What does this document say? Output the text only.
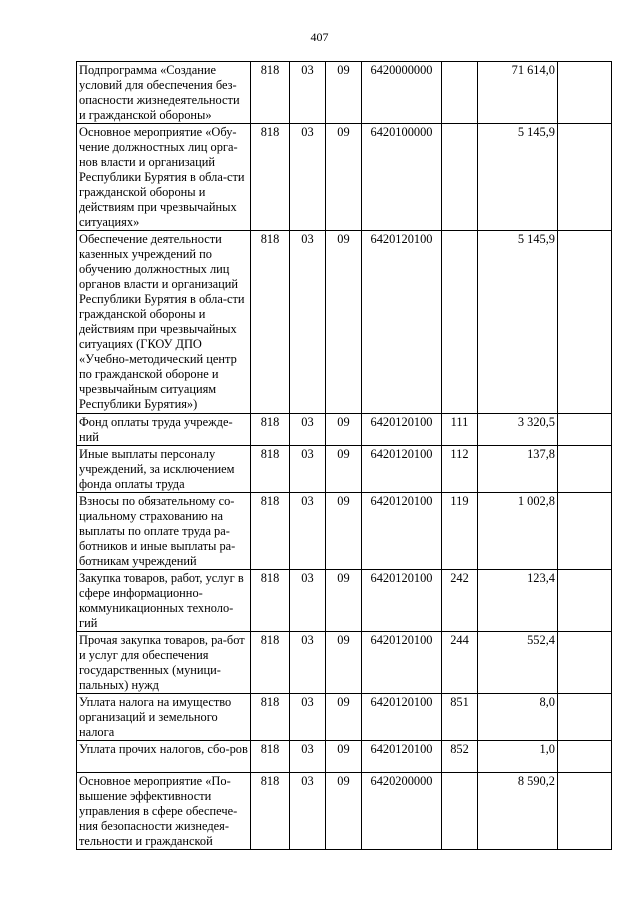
407
Подпрограмма «Создание условий для обеспечения без-опасности жизнедеятельности и гражданской обороны»	818	03	09	6420000000		71 614,0	
Основное мероприятие «Обу-чение должностных лиц орга-нов власти и организаций Республики Бурятия в обла-сти гражданской обороны и действиям при чрезвычайных ситуациях»	818	03	09	6420100000		5 145,9	
Обеспечение деятельности казенных учреждений по обучению должностных лиц органов власти и организаций Республики Бурятия в обла-сти гражданской обороны и действиям при чрезвычайных ситуациях (ГКОУ ДПО «Учебно-методический центр по гражданской обороне и чрезвычайным ситуациям Республики Бурятия»)	818	03	09	6420120100		5 145,9	
Фонд оплаты труда учрежде-ний	818	03	09	6420120100	111	3 320,5	
Иные выплаты персоналу учреждений, за исключением фонда оплаты труда	818	03	09	6420120100	112	137,8	
Взносы по обязательному со-циальному страхованию на выплаты по оплате труда ра-ботников и иные выплаты ра-ботникам учреждений	818	03	09	6420120100	119	1 002,8	
Закупка товаров, работ, услуг в сфере информационно-коммуникационных техноло-гий	818	03	09	6420120100	242	123,4	
Прочая закупка товаров, ра-бот и услуг для обеспечения государственных (муници-пальных) нужд	818	03	09	6420120100	244	552,4	
Уплата налога на имущество организаций и земельного налога	818	03	09	6420120100	851	8,0	
Уплата прочих налогов, сбо-ров	818	03	09	6420120100	852	1,0	
Основное мероприятие «По-вышение эффективности управления в сфере обеспече-ния безопасности жизнедея-тельности и гражданской	818	03	09	6420200000		8 590,2	
